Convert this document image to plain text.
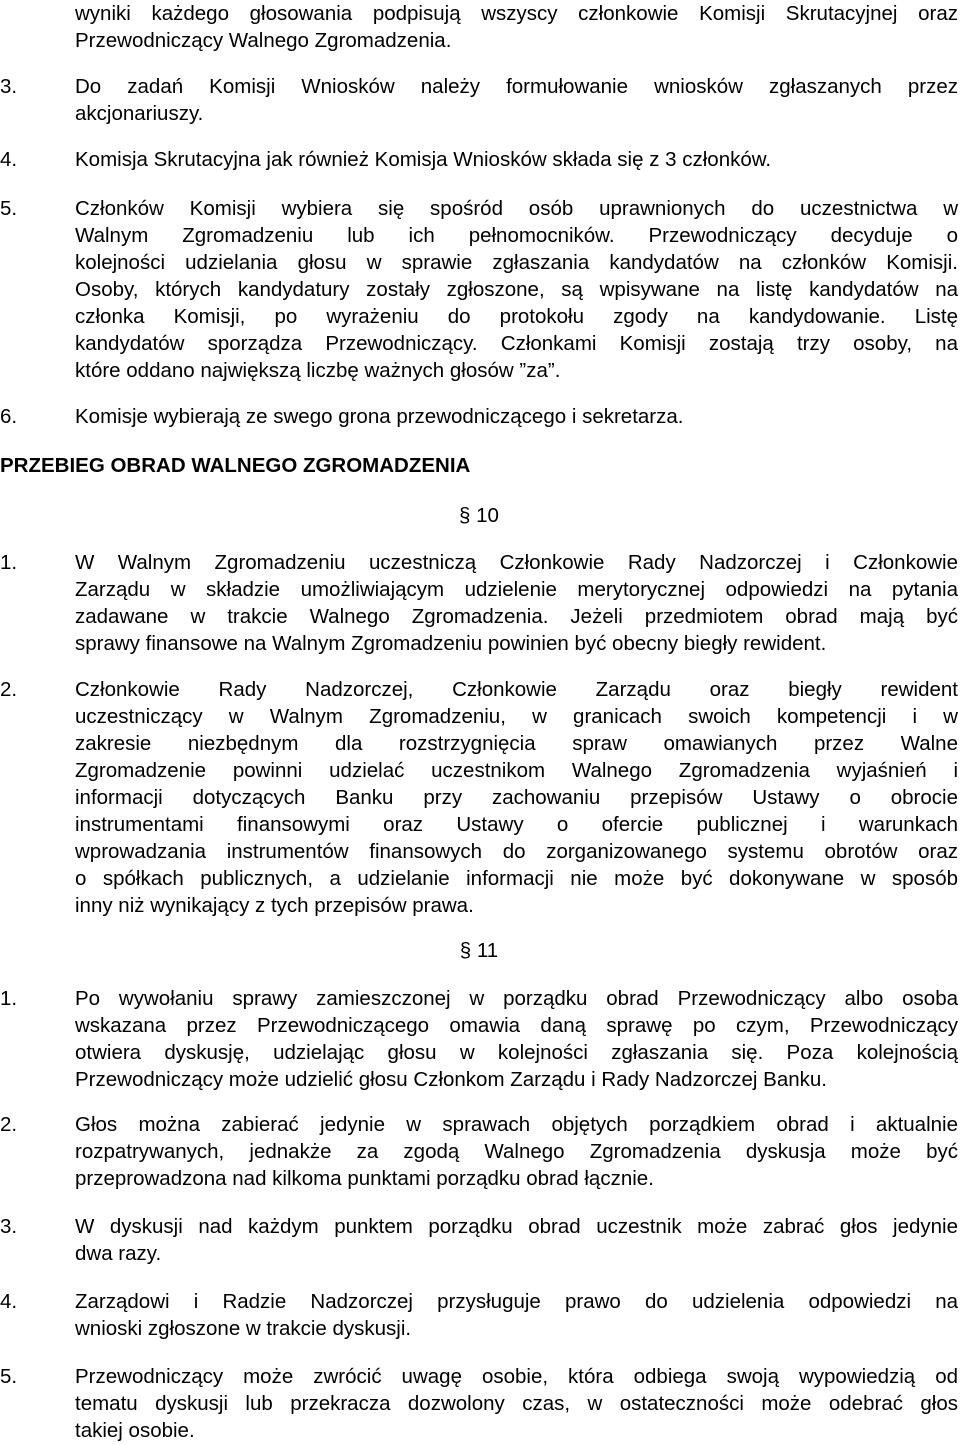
wyniki każdego głosowania podpisują wszyscy członkowie Komisji Skrutacyjnej oraz
Przewodniczący Walnego Zgromadzenia.
3.	Do zadań Komisji Wniosków należy formułowanie wniosków zgłaszanych przez
akcjonariuszy.
4.	Komisja Skrutacyjna jak również Komisja Wniosków składa się z 3 członków.
5.	Członków Komisji wybiera się spośród osób uprawnionych do uczestnictwa w
Walnym Zgromadzeniu lub ich pełnomocników. Przewodniczący decyduje o
kolejności udzielania głosu w sprawie zgłaszania kandydatów na członków Komisji.
Osoby, których kandydatury zostały zgłoszone, są wpisywane na listę kandydatów na
członka Komisji, po wyrażeniu do protokołu zgody na kandydowanie. Listę
kandydatów sporządza Przewodniczący. Członkami Komisji zostają trzy osoby, na
które oddano największą liczbę ważnych głosów ”za”.
6.	Komisje wybierają ze swego grona przewodniczącego i sekretarza.
PRZEBIEG OBRAD WALNEGO ZGROMADZENIA
§ 10
1.	W Walnym Zgromadzeniu uczestniczą Członkowie Rady Nadzorczej i Członkowie
Zarządu w składzie umożliwiającym udzielenie merytorycznej odpowiedzi na pytania
zadawane w trakcie Walnego Zgromadzenia. Jeżeli przedmiotem obrad mają być
sprawy finansowe na Walnym Zgromadzeniu powinien być obecny biegły rewident.
2.	Członkowie Rady Nadzorczej, Członkowie Zarządu oraz biegły rewident
uczestniczący w Walnym Zgromadzeniu, w granicach swoich kompetencji i w
zakresie niezbędnym dla rozstrzygnięcia spraw omawianych przez Walne
Zgromadzenie powinni udzielać uczestnikom Walnego Zgromadzenia wyjaśnień i
informacji dotyczących Banku przy zachowaniu przepisów Ustawy o obrocie
instrumentami finansowymi oraz Ustawy o ofercie publicznej i warunkach
wprowadzania instrumentów finansowych do zorganizowanego systemu obrotów oraz
o spółkach publicznych, a udzielanie informacji nie może być dokonywane w sposób
inny niż wynikający z tych przepisów prawa.
§ 11
1.	Po wywołaniu sprawy zamieszczonej w porządku obrad Przewodniczący albo osoba
wskazana przez Przewodniczącego omawia daną sprawę po czym, Przewodniczący
otwiera dyskusję, udzielając głosu w kolejności zgłaszania się. Poza kolejnością
Przewodniczący może udzielić głosu Członkom Zarządu i Rady Nadzorczej Banku.
2.	Głos można zabierać jedynie w sprawach objętych porządkiem obrad i aktualnie
rozpatrywanych, jednakże za zgodą Walnego Zgromadzenia dyskusja może być
przeprowadzona nad kilkoma punktami porządku obrad łącznie.
3.	W dyskusji nad każdym punktem porządku obrad uczestnik może zabrać głos jedynie
dwa razy.
4.	Zarządowi i Radzie Nadzorczej przysługuje prawo do udzielenia odpowiedzi na
wnioski zgłoszone w trakcie dyskusji.
5.	Przewodniczący może zwrócić uwagę osobie, która odbiega swoją wypowiedzią od
tematu dyskusji lub przekracza dozwolony czas, w ostateczności może odebrać głos
takiej osobie.
